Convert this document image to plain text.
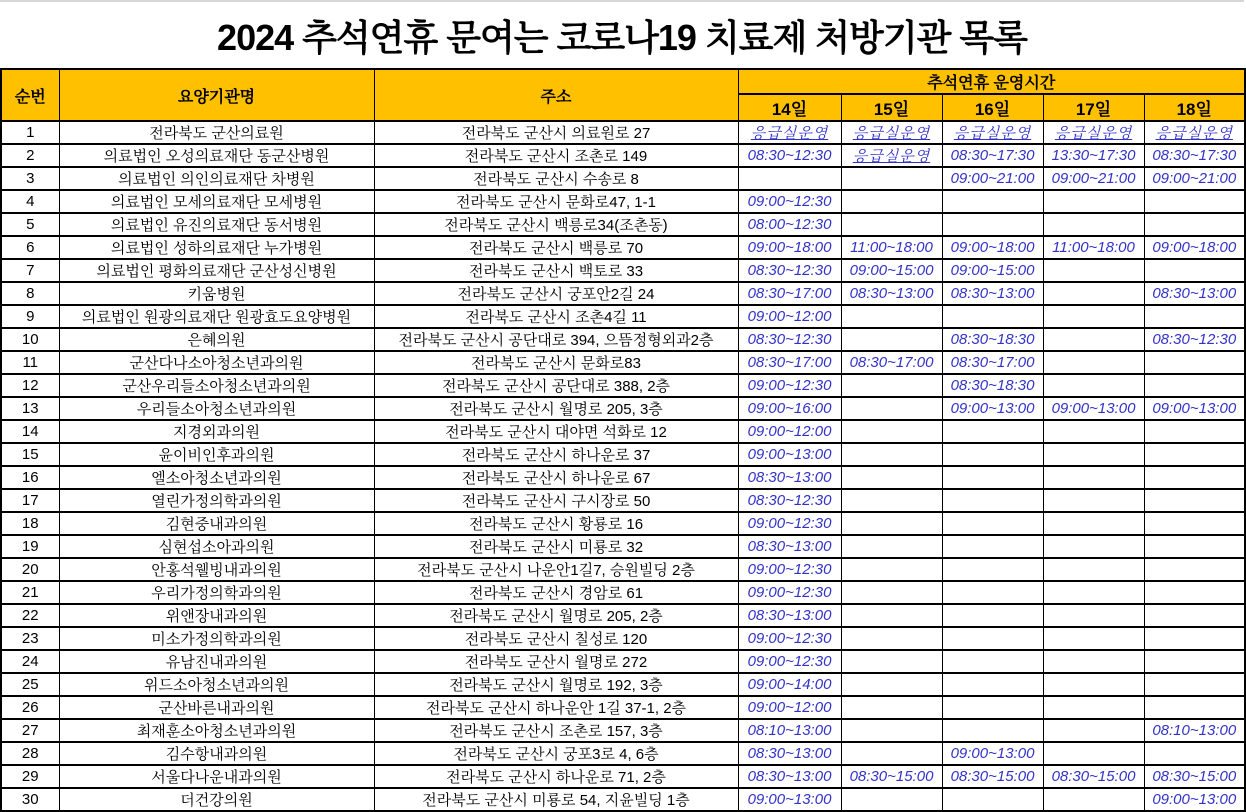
2024 추석연휴 문여는 코로나19 치료제 처방기관 목록
순번	요양기관명	주소	추석연휴 운영시간				
			14일	15일	16일	17일	18일
1	전라북도 군산의료원	전라북도 군산시 의료원로 27	응급실운영	응급실운영	응급실운영	응급실운영	응급실운영
2	의료법인 오성의료재단 동군산병원	전라북도 군산시 조촌로 149	08:30~12:30	응급실운영	08:30~17:30	13:30~17:30	08:30~17:30
3	의료법인 의인의료재단 차병원	전라북도 군산시 수송로 8			09:00~21:00	09:00~21:00	09:00~21:00
4	의료법인 모세의료재단 모세병원	전라북도 군산시 문화로47, 1-1	09:00~12:30				
5	의료법인 유진의료재단 동서병원	전라북도 군산시 백릉로34(조촌동)	08:00~12:30				
6	의료법인 성하의료재단 누가병원	전라북도 군산시 백릉로 70	09:00~18:00	11:00~18:00	09:00~18:00	11:00~18:00	09:00~18:00
7	의료법인 평화의료재단 군산성신병원	전라북도 군산시 백토로 33	08:30~12:30	09:00~15:00	09:00~15:00		
8	키움병원	전라북도 군산시 궁포안2길 24	08:30~17:00	08:30~13:00	08:30~13:00		08:30~13:00
9	의료법인 원광의료재단 원광효도요양병원	전라북도 군산시 조촌4길 11	09:00~12:00				
10	은혜의원	전라북도 군산시 공단대로 394, 으뜸정형외과2층	08:30~12:30		08:30~18:30		08:30~12:30
11	군산다나소아청소년과의원	전라북도 군산시 문화로83	08:30~17:00	08:30~17:00	08:30~17:00		
12	군산우리들소아청소년과의원	전라북도 군산시 공단대로 388, 2층	09:00~12:30		08:30~18:30		
13	우리들소아청소년과의원	전라북도 군산시 월명로 205, 3층	09:00~16:00		09:00~13:00	09:00~13:00	09:00~13:00
14	지경외과의원	전라북도 군산시 대야면 석화로 12	09:00~12:00				
15	윤이비인후과의원	전라북도 군산시 하나운로 37	09:00~13:00				
16	엘소아청소년과의원	전라북도 군산시 하나운로 67	08:30~13:00				
17	열린가정의학과의원	전라북도 군산시 구시장로 50	08:30~12:30				
18	김현중내과의원	전라북도 군산시 황룡로 16	09:00~12:30				
19	심현섭소아과의원	전라북도 군산시 미룡로 32	08:30~13:00				
20	안홍석웰빙내과의원	전라북도 군산시 나운안1길7, 승원빌딩 2층	09:00~12:30				
21	우리가정의학과의원	전라북도 군산시 경암로 61	09:00~12:30				
22	위앤장내과의원	전라북도 군산시 월명로 205, 2층	08:30~13:00				
23	미소가정의학과의원	전라북도 군산시 칠성로 120	09:00~12:30				
24	유남진내과의원	전라북도 군산시 월명로 272	09:00~12:30				
25	위드소아청소년과의원	전라북도 군산시 월명로 192, 3층	09:00~14:00				
26	군산바른내과의원	전라북도 군산시 하나운안 1길 37-1, 2층	09:00~12:00				
27	최재훈소아청소년과의원	전라북도 군산시 조촌로 157, 3층	08:10~13:00				08:10~13:00
28	김수항내과의원	전라북도 군산시 궁포3로 4, 6층	08:30~13:00		09:00~13:00		
29	서울다나운내과의원	전라북도 군산시 하나운로 71, 2층	08:30~13:00	08:30~15:00	08:30~15:00	08:30~15:00	08:30~15:00
30	더건강의원	전라북도 군산시 미룡로 54, 지윤빌딩 1층	09:00~13:00				09:00~13:00
